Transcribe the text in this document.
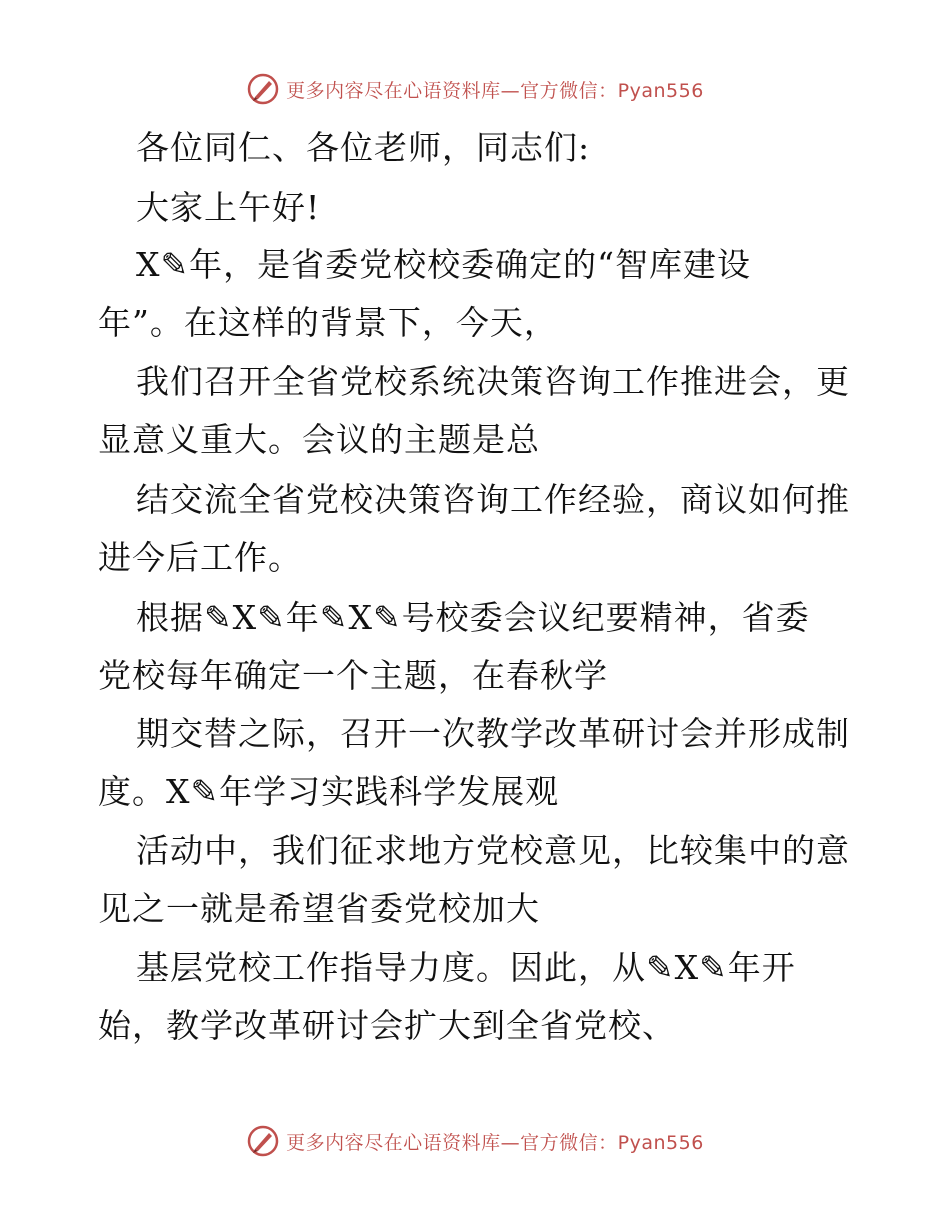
更多内容尽在心语资料库—官方微信：Pyan556
各位同仁、各位老师，同志们:
大家上午好!
X✎年，是省委党校校委确定的“智库建设
年”。在这样的背景下，今天，
我们召开全省党校系统决策咨询工作推进会，更
显意义重大。会议的主题是总
结交流全省党校决策咨询工作经验，商议如何推
进今后工作。
根据✎X✎年✎X✎号校委会议纪要精神，省委
党校每年确定一个主题，在春秋学
期交替之际，召开一次教学改革研讨会并形成制
度。X✎年学习实践科学发展观
活动中，我们征求地方党校意见，比较集中的意
见之一就是希望省委党校加大
基层党校工作指导力度。因此，从✎X✎年开
始，教学改革研讨会扩大到全省党校、
更多内容尽在心语资料库—官方微信：Pyan556
